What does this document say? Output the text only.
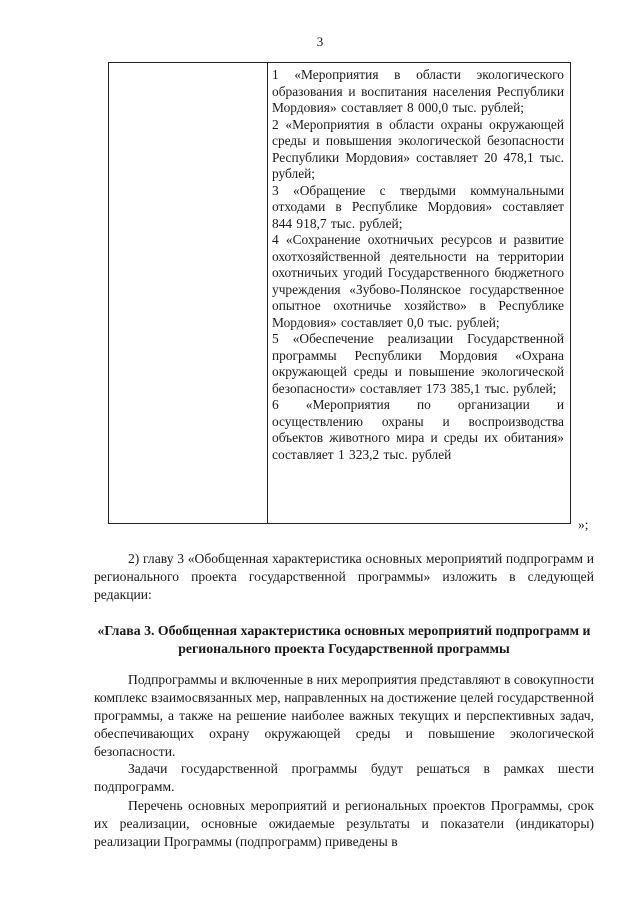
3

1 «Мероприятия в области экологического образования и воспитания населения Республики Мордовия» составляет 8 000,0 тыс. рублей;

2 «Мероприятия в области охраны окружающей среды и повышения экологической безопасности Республики Мордовия» составляет 20 478,1 тыс. рублей;

3 «Обращение с твердыми коммунальными отходами в Республике Мордовия» составляет 844 918,7 тыс. рублей;

4 «Сохранение охотничьих ресурсов и развитие охотхозяйственной деятельности на территории охотничьих угодий Государственного бюджетного учреждения «Зубово-Полянское государственное опытное охотничье хозяйство» в Республике Мордовия» составляет 0,0 тыс. рублей;

5 «Обеспечение реализации Государственной программы Республики Мордовия «Охрана окружающей среды и повышение экологической безопасности» составляет 173 385,1 тыс. рублей;

6 «Мероприятия по организации и осуществлению охраны и воспроизводства объектов животного мира и среды их обитания» составляет 1 323,2 тыс. рублей

»;

2) главу 3 «Обобщенная характеристика основных мероприятий подпрограмм и регионального проекта государственной программы» изложить в следующей редакции:

«Глава 3. Обобщенная характеристика основных мероприятий подпрограмм и регионального проекта Государственной программы

Подпрограммы и включенные в них мероприятия представляют в совокупности комплекс взаимосвязанных мер, направленных на достижение целей государственной программы, а также на решение наиболее важных текущих и перспективных задач, обеспечивающих охрану окружающей среды и повышение экологической безопасности.

Задачи государственной программы будут решаться в рамках шести подпрограмм.

Перечень основных мероприятий и региональных проектов Программы, срок их реализации, основные ожидаемые результаты и показатели (индикаторы) реализации Программы (подпрограмм) приведены в
